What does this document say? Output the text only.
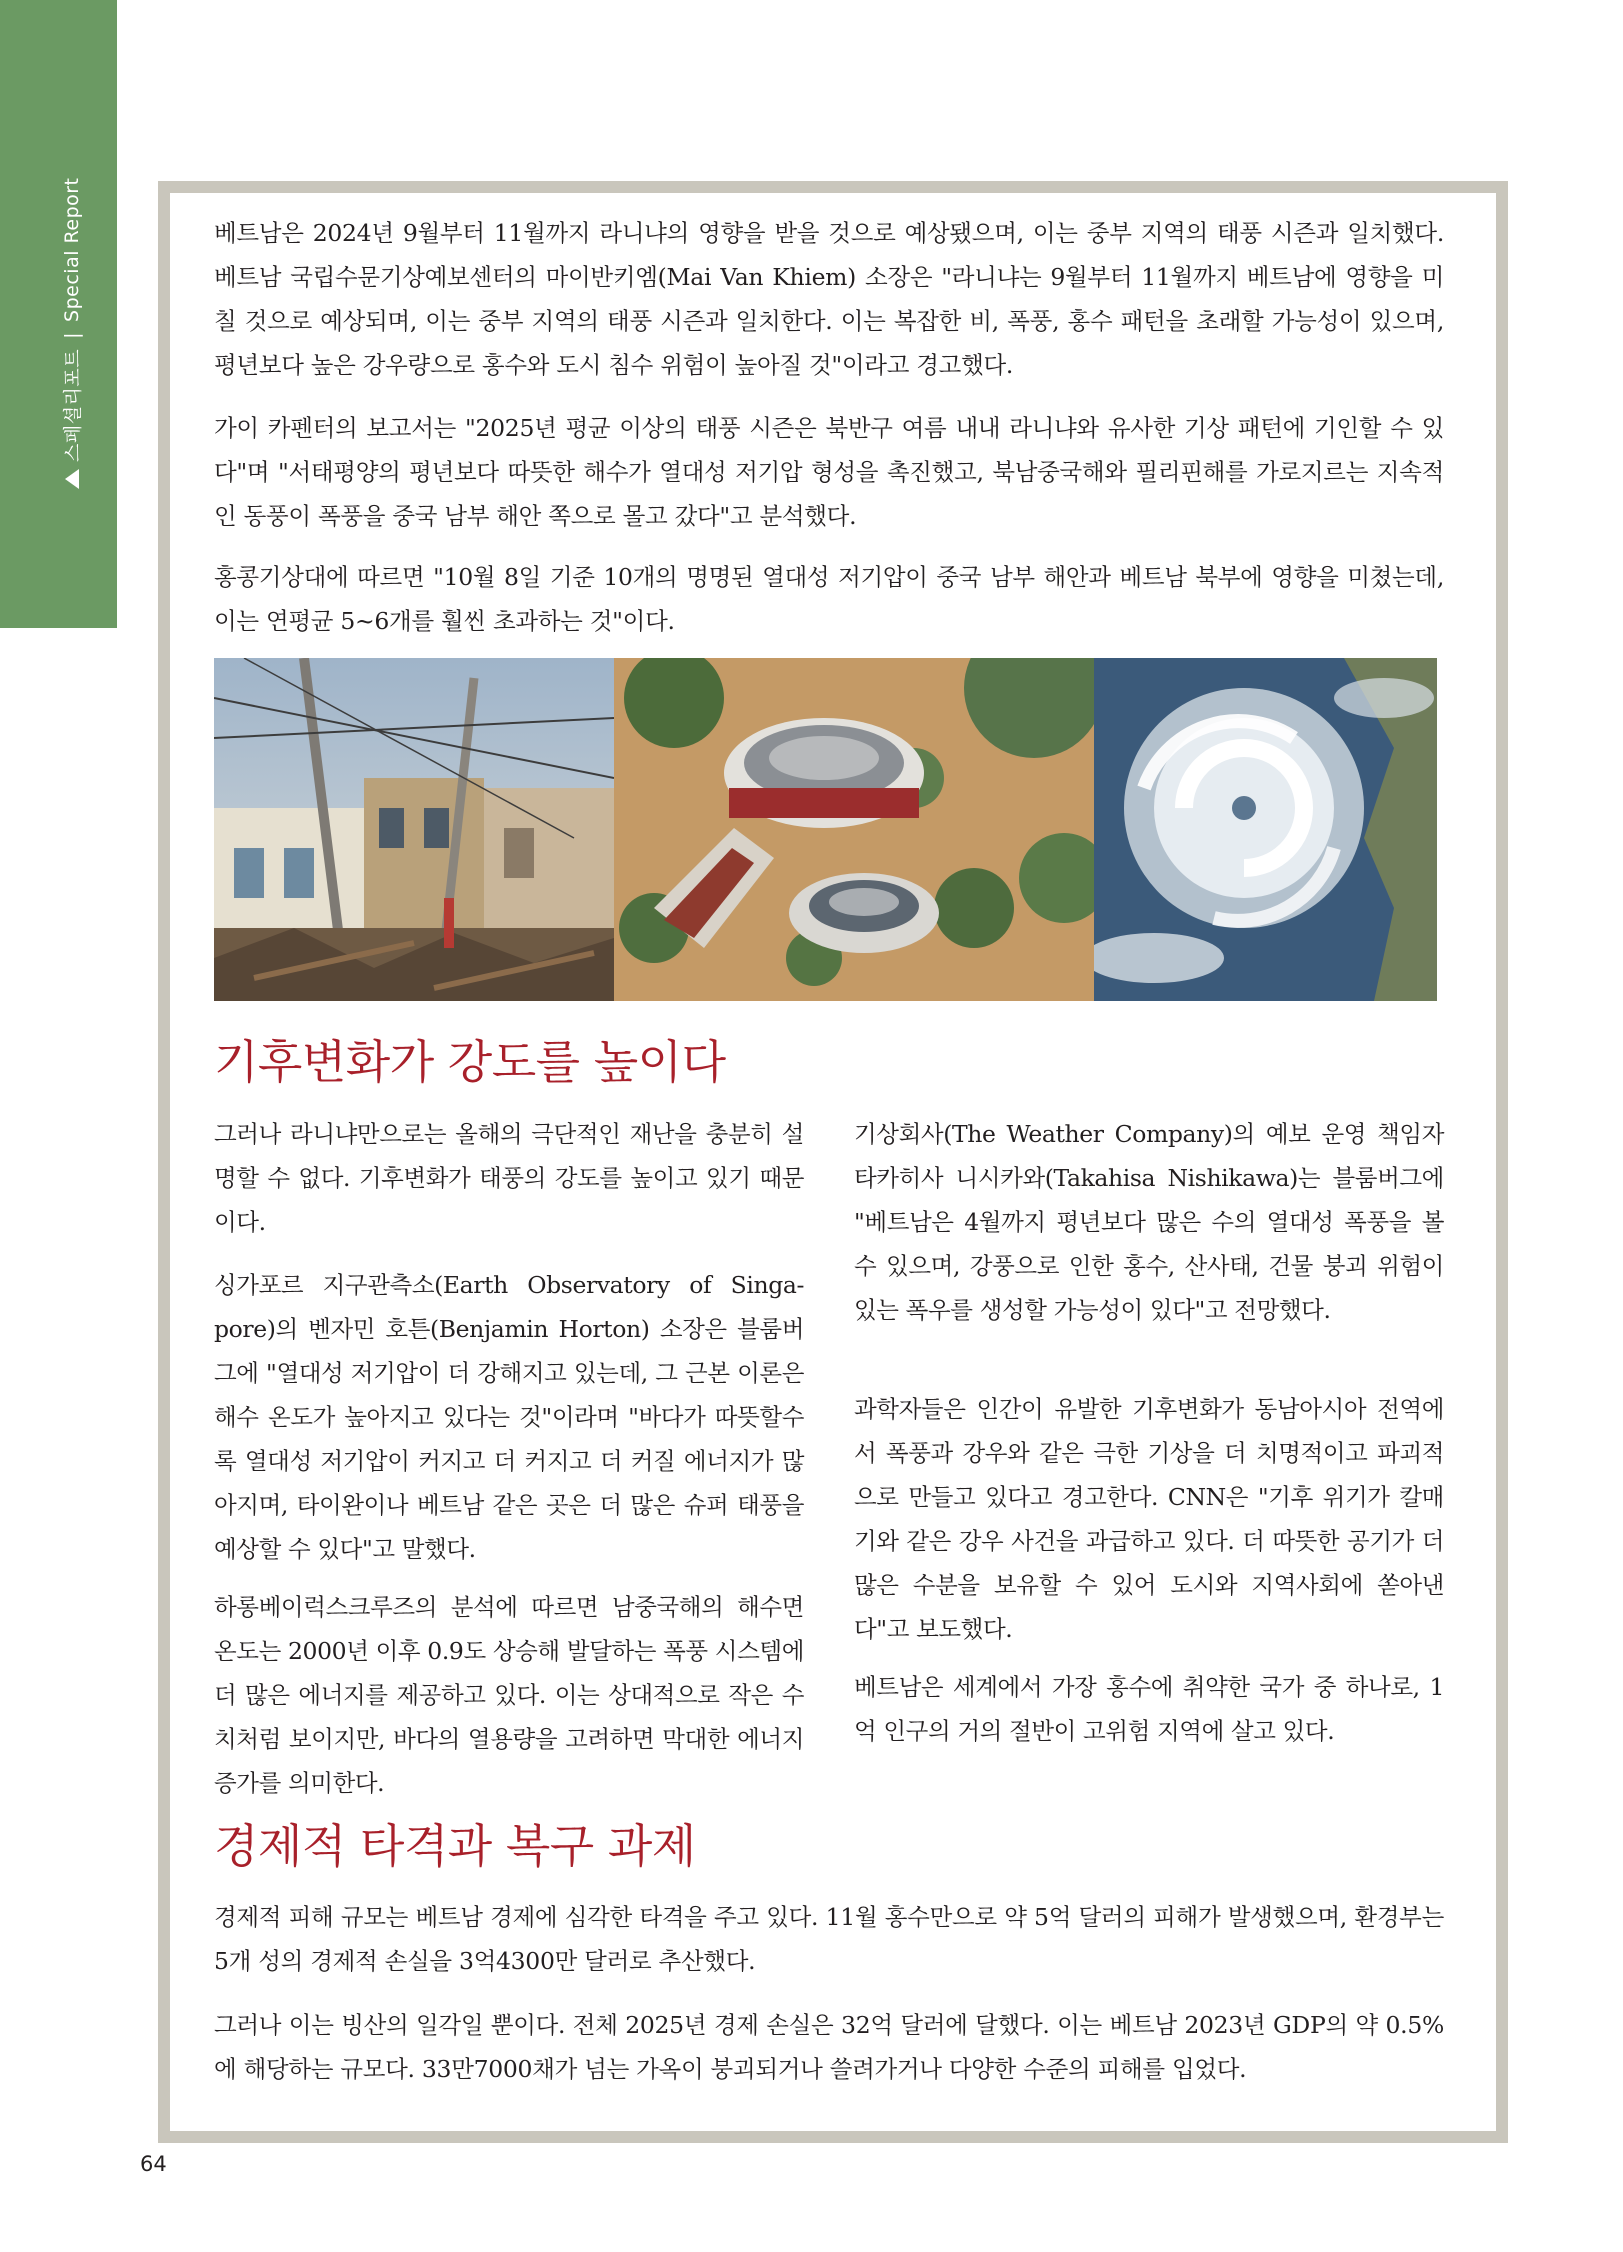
스페셜리포트
|
Special Report	베트남은 2024년 9월부터 11월까지 라니냐의 영향을 받을 것으로 예상됐으며, 이는 중부 지역의 태풍 시즌과 일치했다. 베트남 국립수문기상예보센터의 마이반키엠(Mai Van Khiem) 소장은 "라니냐는 9월부터 11월까지 베트남에 영향을 미칠 것으로 예상되며, 이는 중부 지역의 태풍 시즌과 일치한다. 이는 복잡한 비, 폭풍, 홍수 패턴을 초래할 가능성이 있으며, 평년보다 높은 강우량으로 홍수와 도시 침수 위험이 높아질 것"이라고 경고했다.

가이 카펜터의 보고서는 "2025년 평균 이상의 태풍 시즌은 북반구 여름 내내 라니냐와 유사한 기상 패턴에 기인할 수 있다"며 "서태평양의 평년보다 따뜻한 해수가 열대성 저기압 형성을 촉진했고, 북남중국해와 필리핀해를 가로지르는 지속적인 동풍이 폭풍을 중국 남부 해안 쪽으로 몰고 갔다"고 분석했다.

홍콩기상대에 따르면 "10월 8일 기준 10개의 명명된 열대성 저기압이 중국 남부 해안과 베트남 북부에 영향을 미쳤는데, 이는 연평균 5~6개를 훨씬 초과하는 것"이다.

기후변화가 강도를 높이다

그러나 라니냐만으로는 올해의 극단적인 재난을 충분히 설명할 수 없다. 기후변화가 태풍의 강도를 높이고 있기 때문이다.

싱가포르 지구관측소(Earth Observatory of Singa-pore)의 벤자민 호튼(Benjamin Horton) 소장은 블룸버그에 "열대성 저기압이 더 강해지고 있는데, 그 근본 이론은 해수 온도가 높아지고 있다는 것"이라며 "바다가 따뜻할수록 열대성 저기압이 커지고 더 커지고 더 커질 에너지가 많아지며, 타이완이나 베트남 같은 곳은 더 많은 슈퍼 태풍을 예상할 수 있다"고 말했다.

하롱베이럭스크루즈의 분석에 따르면 남중국해의 해수면 온도는 2000년 이후 0.9도 상승해 발달하는 폭풍 시스템에 더 많은 에너지를 제공하고 있다. 이는 상대적으로 작은 수치처럼 보이지만, 바다의 열용량을 고려하면 막대한 에너지 증가를 의미한다.

기상회사(The Weather Company)의 예보 운영 책임자 타카히사 니시카와(Takahisa Nishikawa)는 블룸버그에 "베트남은 4월까지 평년보다 많은 수의 열대성 폭풍을 볼 수 있으며, 강풍으로 인한 홍수, 산사태, 건물 붕괴 위험이 있는 폭우를 생성할 가능성이 있다"고 전망했다.

과학자들은 인간이 유발한 기후변화가 동남아시아 전역에서 폭풍과 강우와 같은 극한 기상을 더 치명적이고 파괴적으로 만들고 있다고 경고한다. CNN은 "기후 위기가 칼매기와 같은 강우 사건을 과급하고 있다. 더 따뜻한 공기가 더 많은 수분을 보유할 수 있어 도시와 지역사회에 쏟아낸다"고 보도했다.

베트남은 세계에서 가장 홍수에 취약한 국가 중 하나로, 1억 인구의 거의 절반이 고위험 지역에 살고 있다.

경제적 타격과 복구 과제

경제적 피해 규모는 베트남 경제에 심각한 타격을 주고 있다. 11월 홍수만으로 약 5억 달러의 피해가 발생했으며, 환경부는 5개 성의 경제적 손실을 3억4300만 달러로 추산했다.

그러나 이는 빙산의 일각일 뿐이다. 전체 2025년 경제 손실은 32억 달러에 달했다. 이는 베트남 2023년 GDP의 약 0.5%에 해당하는 규모다. 33만7000채가 넘는 가옥이 붕괴되거나 쓸려가거나 다양한 수준의 피해를 입었다.

64
